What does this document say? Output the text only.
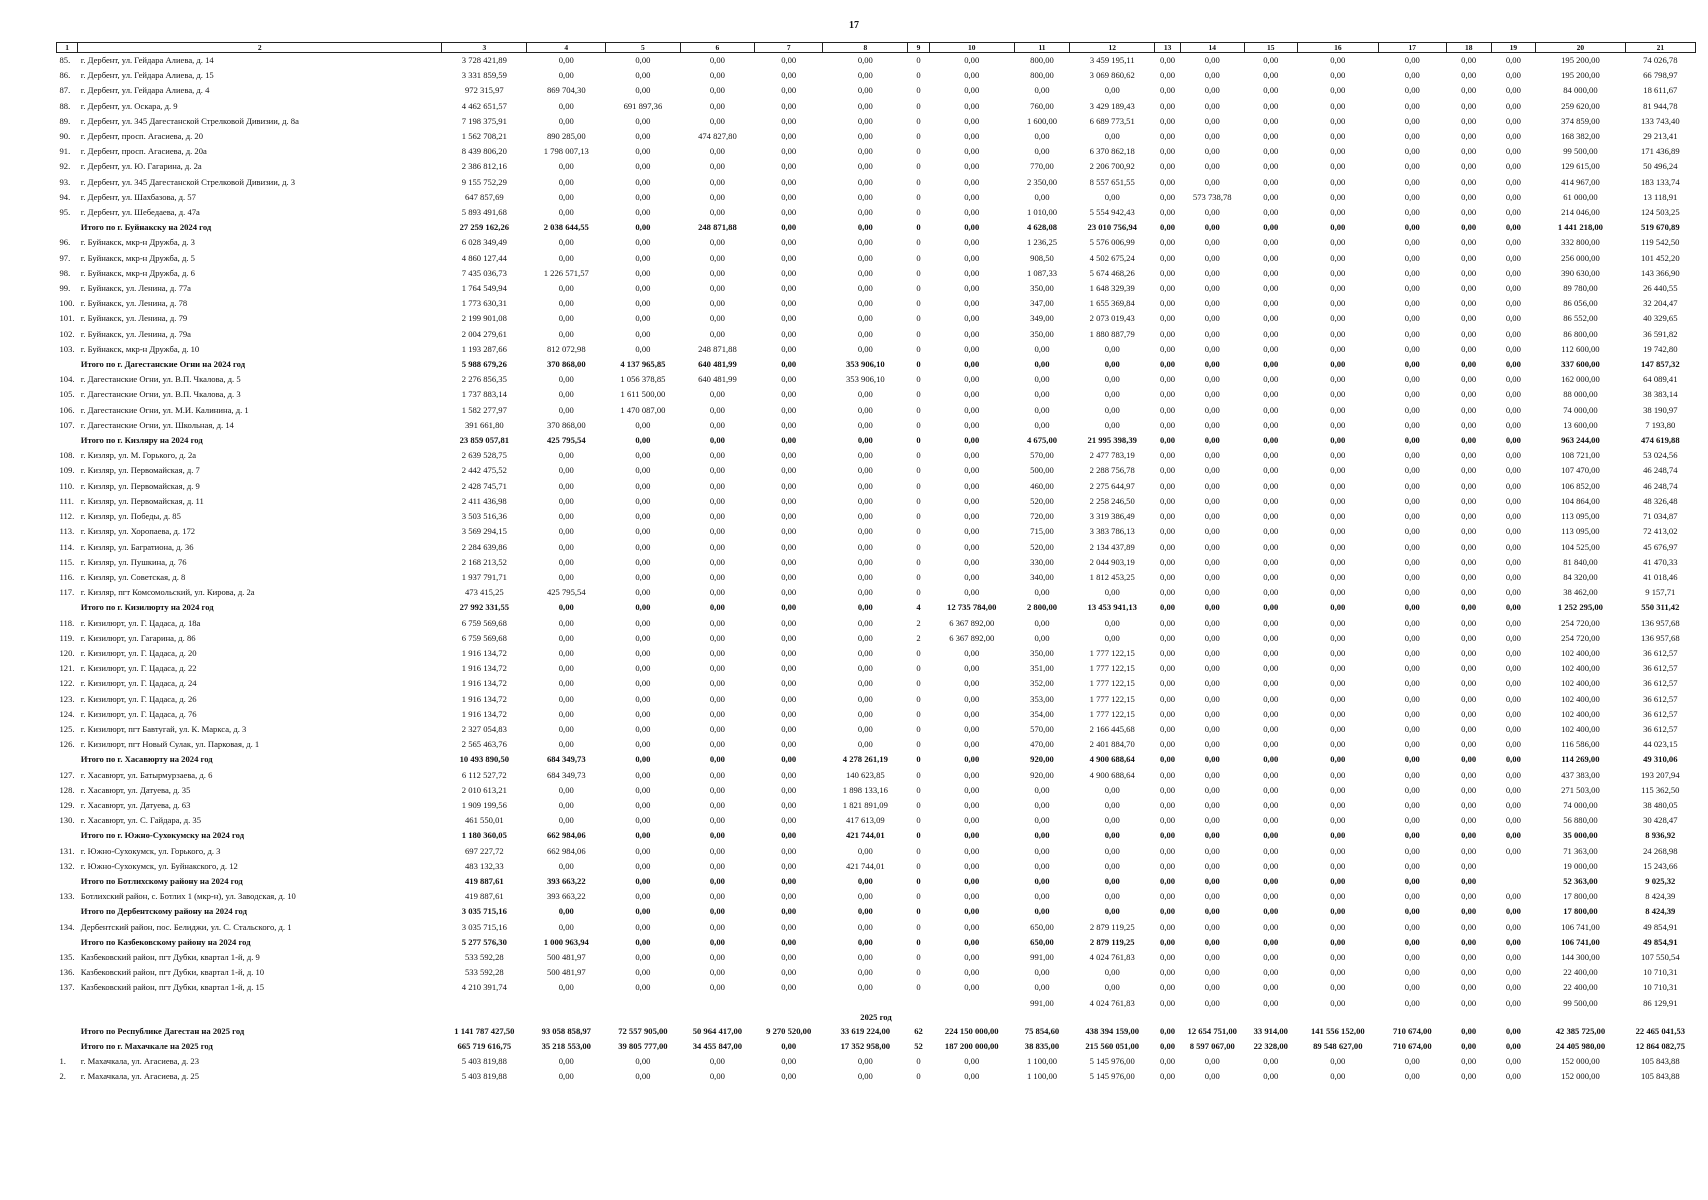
17
1	2	3	4	5	6	7	8	9	10	11	12	13	14	15	16	17	18	19	20	21
85.	г. Дербент, ул. Гейдара Алиева, д. 14	3 728 421,89	0,00	0,00	0,00	0,00	0,00	0	0,00	800,00	3 459 195,11	0,00	0,00	0,00	0,00	0,00	0,00	0,00	195 200,00	74 026,78
86.	г. Дербент, ул. Гейдара Алиева, д. 15	3 331 859,59	0,00	0,00	0,00	0,00	0,00	0	0,00	800,00	3 069 860,62	0,00	0,00	0,00	0,00	0,00	0,00	0,00	195 200,00	66 798,97
87.	г. Дербент, ул. Гейдара Алиева, д. 4	972 315,97	869 704,30	0,00	0,00	0,00	0,00	0	0,00	0,00	0,00	0,00	0,00	0,00	0,00	0,00	0,00	0,00	84 000,00	18 611,67
88.	г. Дербент, ул. Оскара, д. 9	4 462 651,57	0,00	691 897,36	0,00	0,00	0,00	0	0,00	760,00	3 429 189,43	0,00	0,00	0,00	0,00	0,00	0,00	0,00	259 620,00	81 944,78
89.	г. Дербент, ул. 345 Дагестанской Стрелковой Дивизии, д. 8а	7 198 375,91	0,00	0,00	0,00	0,00	0,00	0	0,00	1 600,00	6 689 773,51	0,00	0,00	0,00	0,00	0,00	0,00	0,00	374 859,00	133 743,40
90.	г. Дербент, просп. Агасиева, д. 20	1 562 708,21	890 285,00	0,00	474 827,80	0,00	0,00	0	0,00	0,00	0,00	0,00	0,00	0,00	0,00	0,00	0,00	0,00	168 382,00	29 213,41
91.	г. Дербент, просп. Агасиева, д. 20а	8 439 806,20	1 798 007,13	0,00	0,00	0,00	0,00	0	0,00	0,00	6 370 862,18	0,00	0,00	0,00	0,00	0,00	0,00	0,00	99 500,00	171 436,89
92.	г. Дербент, ул. Ю. Гагарина, д. 2а	2 386 812,16	0,00	0,00	0,00	0,00	0,00	0	0,00	770,00	2 206 700,92	0,00	0,00	0,00	0,00	0,00	0,00	0,00	129 615,00	50 496,24
93.	г. Дербент, ул. 345 Дагестанской Стрелковой Дивизии, д. 3	9 155 752,29	0,00	0,00	0,00	0,00	0,00	0	0,00	2 350,00	8 557 651,55	0,00	0,00	0,00	0,00	0,00	0,00	0,00	414 967,00	183 133,74
94.	г. Дербент, ул. Шахбазова, д. 57	647 857,69	0,00	0,00	0,00	0,00	0,00	0	0,00	0,00	0,00	0,00	573 738,78	0,00	0,00	0,00	0,00	0,00	61 000,00	13 118,91
95.	г. Дербент, ул. Шебедаева, д. 47а	5 893 491,68	0,00	0,00	0,00	0,00	0,00	0	0,00	1 010,00	5 554 942,43	0,00	0,00	0,00	0,00	0,00	0,00	0,00	214 046,00	124 503,25
	Итого по г. Буйнакску на 2024 год	27 259 162,26	2 038 644,55	0,00	248 871,88	0,00	0,00	0	0,00	4 628,08	23 010 756,94	0,00	0,00	0,00	0,00	0,00	0,00	0,00	1 441 218,00	519 670,89
96.	г. Буйнакск, мкр-н Дружба, д. 3	6 028 349,49	0,00	0,00	0,00	0,00	0,00	0	0,00	1 236,25	5 576 006,99	0,00	0,00	0,00	0,00	0,00	0,00	0,00	332 800,00	119 542,50
97.	г. Буйнакск, мкр-н Дружба, д. 5	4 860 127,44	0,00	0,00	0,00	0,00	0,00	0	0,00	908,50	4 502 675,24	0,00	0,00	0,00	0,00	0,00	0,00	0,00	256 000,00	101 452,20
98.	г. Буйнакск, мкр-н Дружба, д. 6	7 435 036,73	1 226 571,57	0,00	0,00	0,00	0,00	0	0,00	1 087,33	5 674 468,26	0,00	0,00	0,00	0,00	0,00	0,00	0,00	390 630,00	143 366,90
99.	г. Буйнакск, ул. Ленина, д. 77а	1 764 549,94	0,00	0,00	0,00	0,00	0,00	0	0,00	350,00	1 648 329,39	0,00	0,00	0,00	0,00	0,00	0,00	0,00	89 780,00	26 440,55
100.	г. Буйнакск, ул. Ленина, д. 78	1 773 630,31	0,00	0,00	0,00	0,00	0,00	0	0,00	347,00	1 655 369,84	0,00	0,00	0,00	0,00	0,00	0,00	0,00	86 056,00	32 204,47
101.	г. Буйнакск, ул. Ленина, д. 79	2 199 901,08	0,00	0,00	0,00	0,00	0,00	0	0,00	349,00	2 073 019,43	0,00	0,00	0,00	0,00	0,00	0,00	0,00	86 552,00	40 329,65
102.	г. Буйнакск, ул. Ленина, д. 79а	2 004 279,61	0,00	0,00	0,00	0,00	0,00	0	0,00	350,00	1 880 887,79	0,00	0,00	0,00	0,00	0,00	0,00	0,00	86 800,00	36 591,82
103.	г. Буйнакск, мкр-н Дружба, д. 10	1 193 287,66	812 072,98	0,00	248 871,88	0,00	0,00	0	0,00	0,00	0,00	0,00	0,00	0,00	0,00	0,00	0,00	0,00	112 600,00	19 742,80
	Итого по г. Дагестанские Огни на 2024 год	5 988 679,26	370 868,00	4 137 965,85	640 481,99	0,00	353 906,10	0	0,00	0,00	0,00	0,00	0,00	0,00	0,00	0,00	0,00	0,00	337 600,00	147 857,32
104.	г. Дагестанские Огни, ул. В.П. Чкалова, д. 5	2 276 856,35	0,00	1 056 378,85	640 481,99	0,00	353 906,10	0	0,00	0,00	0,00	0,00	0,00	0,00	0,00	0,00	0,00	0,00	162 000,00	64 089,41
105.	г. Дагестанские Огни, ул. В.П. Чкалова, д. 3	1 737 883,14	0,00	1 611 500,00	0,00	0,00	0,00	0	0,00	0,00	0,00	0,00	0,00	0,00	0,00	0,00	0,00	0,00	88 000,00	38 383,14
106.	г. Дагестанские Огни, ул. М.И. Калинина, д. 1	1 582 277,97	0,00	1 470 087,00	0,00	0,00	0,00	0	0,00	0,00	0,00	0,00	0,00	0,00	0,00	0,00	0,00	0,00	74 000,00	38 190,97
107.	г. Дагестанские Огни, ул. Школьная, д. 14	391 661,80	370 868,00	0,00	0,00	0,00	0,00	0	0,00	0,00	0,00	0,00	0,00	0,00	0,00	0,00	0,00	0,00	13 600,00	7 193,80
	Итого по г. Кизляру на 2024 год	23 859 057,81	425 795,54	0,00	0,00	0,00	0,00	0	0,00	4 675,00	21 995 398,39	0,00	0,00	0,00	0,00	0,00	0,00	0,00	963 244,00	474 619,88
108.	г. Кизляр, ул. М. Горького, д. 2а	2 639 528,75	0,00	0,00	0,00	0,00	0,00	0	0,00	570,00	2 477 783,19	0,00	0,00	0,00	0,00	0,00	0,00	0,00	108 721,00	53 024,56
109.	г. Кизляр, ул. Первомайская, д. 7	2 442 475,52	0,00	0,00	0,00	0,00	0,00	0	0,00	500,00	2 288 756,78	0,00	0,00	0,00	0,00	0,00	0,00	0,00	107 470,00	46 248,74
110.	г. Кизляр, ул. Первомайская, д. 9	2 428 745,71	0,00	0,00	0,00	0,00	0,00	0	0,00	460,00	2 275 644,97	0,00	0,00	0,00	0,00	0,00	0,00	0,00	106 852,00	46 248,74
111.	г. Кизляр, ул. Первомайская, д. 11	2 411 436,98	0,00	0,00	0,00	0,00	0,00	0	0,00	520,00	2 258 246,50	0,00	0,00	0,00	0,00	0,00	0,00	0,00	104 864,00	48 326,48
112.	г. Кизляр, ул. Победы, д. 85	3 503 516,36	0,00	0,00	0,00	0,00	0,00	0	0,00	720,00	3 319 386,49	0,00	0,00	0,00	0,00	0,00	0,00	0,00	113 095,00	71 034,87
113.	г. Кизляр, ул. Хоропаева, д. 172	3 569 294,15	0,00	0,00	0,00	0,00	0,00	0	0,00	715,00	3 383 786,13	0,00	0,00	0,00	0,00	0,00	0,00	0,00	113 095,00	72 413,02
114.	г. Кизляр, ул. Багратиона, д. 36	2 284 639,86	0,00	0,00	0,00	0,00	0,00	0	0,00	520,00	2 134 437,89	0,00	0,00	0,00	0,00	0,00	0,00	0,00	104 525,00	45 676,97
115.	г. Кизляр, ул. Пушкина, д. 76	2 168 213,52	0,00	0,00	0,00	0,00	0,00	0	0,00	330,00	2 044 903,19	0,00	0,00	0,00	0,00	0,00	0,00	0,00	81 840,00	41 470,33
116.	г. Кизляр, ул. Советская, д. 8	1 937 791,71	0,00	0,00	0,00	0,00	0,00	0	0,00	340,00	1 812 453,25	0,00	0,00	0,00	0,00	0,00	0,00	0,00	84 320,00	41 018,46
117.	г. Кизляр, пгт Комсомольский, ул. Кирова, д. 2а	473 415,25	425 795,54	0,00	0,00	0,00	0,00	0	0,00	0,00	0,00	0,00	0,00	0,00	0,00	0,00	0,00	0,00	38 462,00	9 157,71
	Итого по г. Кизилюрту на 2024 год	27 992 331,55	0,00	0,00	0,00	0,00	0,00	4	12 735 784,00	2 800,00	13 453 941,13	0,00	0,00	0,00	0,00	0,00	0,00	0,00	1 252 295,00	550 311,42
118.	г. Кизилюрт, ул. Г. Цадаса, д. 18а	6 759 569,68	0,00	0,00	0,00	0,00	0,00	2	6 367 892,00	0,00	0,00	0,00	0,00	0,00	0,00	0,00	0,00	0,00	254 720,00	136 957,68
119.	г. Кизилюрт, ул. Гагарина, д. 86	6 759 569,68	0,00	0,00	0,00	0,00	0,00	2	6 367 892,00	0,00	0,00	0,00	0,00	0,00	0,00	0,00	0,00	0,00	254 720,00	136 957,68
120.	г. Кизилюрт, ул. Г. Цадаса, д. 20	1 916 134,72	0,00	0,00	0,00	0,00	0,00	0	0,00	350,00	1 777 122,15	0,00	0,00	0,00	0,00	0,00	0,00	0,00	102 400,00	36 612,57
121.	г. Кизилюрт, ул. Г. Цадаса, д. 22	1 916 134,72	0,00	0,00	0,00	0,00	0,00	0	0,00	351,00	1 777 122,15	0,00	0,00	0,00	0,00	0,00	0,00	0,00	102 400,00	36 612,57
122.	г. Кизилюрт, ул. Г. Цадаса, д. 24	1 916 134,72	0,00	0,00	0,00	0,00	0,00	0	0,00	352,00	1 777 122,15	0,00	0,00	0,00	0,00	0,00	0,00	0,00	102 400,00	36 612,57
123.	г. Кизилюрт, ул. Г. Цадаса, д. 26	1 916 134,72	0,00	0,00	0,00	0,00	0,00	0	0,00	353,00	1 777 122,15	0,00	0,00	0,00	0,00	0,00	0,00	0,00	102 400,00	36 612,57
124.	г. Кизилюрт, ул. Г. Цадаса, д. 76	1 916 134,72	0,00	0,00	0,00	0,00	0,00	0	0,00	354,00	1 777 122,15	0,00	0,00	0,00	0,00	0,00	0,00	0,00	102 400,00	36 612,57
125.	г. Кизилюрт, пгт Бавтугай, ул. К. Маркса, д. 3	2 327 054,83	0,00	0,00	0,00	0,00	0,00	0	0,00	570,00	2 166 445,68	0,00	0,00	0,00	0,00	0,00	0,00	0,00	102 400,00	36 612,57
126.	г. Кизилюрт, пгт Новый Сулак, ул. Парковая, д. 1	2 565 463,76	0,00	0,00	0,00	0,00	0,00	0	0,00	470,00	2 401 884,70	0,00	0,00	0,00	0,00	0,00	0,00	0,00	116 586,00	44 023,15
	Итого по г. Хасавюрту на 2024 год	10 493 890,50	684 349,73	0,00	0,00	0,00	4 278 261,19	0	0,00	920,00	4 900 688,64	0,00	0,00	0,00	0,00	0,00	0,00	0,00	114 269,00	49 310,06
127.	г. Хасавюрт, ул. Батырмурзаева, д. 6	6 112 527,72	684 349,73	0,00	0,00	0,00	140 623,85	0	0,00	920,00	4 900 688,64	0,00	0,00	0,00	0,00	0,00	0,00	0,00	437 383,00	193 207,94
128.	г. Хасавюрт, ул. Датуева, д. 35	2 010 613,21	0,00	0,00	0,00	0,00	1 898 133,16	0	0,00	0,00	0,00	0,00	0,00	0,00	0,00	0,00	0,00	0,00	271 503,00	115 362,50
129.	г. Хасавюрт, ул. Датуева, д. 63	1 909 199,56	0,00	0,00	0,00	0,00	1 821 891,09	0	0,00	0,00	0,00	0,00	0,00	0,00	0,00	0,00	0,00	0,00	74 000,00	38 480,05
130.	г. Хасавюрт, ул. С. Гайдара, д. 35	461 550,01	0,00	0,00	0,00	0,00	417 613,09	0	0,00	0,00	0,00	0,00	0,00	0,00	0,00	0,00	0,00	0,00	56 880,00	30 428,47
	Итого по г. Южно-Сухокумску на 2024 год	1 180 360,05	662 984,06	0,00	0,00	0,00	421 744,01	0	0,00	0,00	0,00	0,00	0,00	0,00	0,00	0,00	0,00	0,00	35 000,00	8 936,92
131.	г. Южно-Сухокумск, ул. Горького, д. 3	697 227,72	662 984,06	0,00	0,00	0,00	0,00	0	0,00	0,00	0,00	0,00	0,00	0,00	0,00	0,00	0,00	0,00	71 363,00	24 268,98
132.	г. Южно-Сухокумск, ул. Буйнакского, д. 12	483 132,33	0,00	0,00	0,00	0,00	421 744,01	0	0,00	0,00	0,00	0,00	0,00	0,00	0,00	0,00	0,00		19 000,00	15 243,66
	Итого по Ботлихскому району на 2024 год	419 887,61	393 663,22	0,00	0,00	0,00	0,00	0	0,00	0,00	0,00	0,00	0,00	0,00	0,00	0,00	0,00		52 363,00	9 025,32
133.	Ботлихский район, с. Ботлих 1 (мкр-н), ул. Заводская, д. 10	419 887,61	393 663,22	0,00	0,00	0,00	0,00	0	0,00	0,00	0,00	0,00	0,00	0,00	0,00	0,00	0,00	0,00	17 800,00	8 424,39
	Итого по Дербентскому району на 2024 год	3 035 715,16	0,00	0,00	0,00	0,00	0,00	0	0,00	0,00	0,00	0,00	0,00	0,00	0,00	0,00	0,00	0,00	17 800,00	8 424,39
134.	Дербентский район, пос. Белиджи, ул. С. Стальского, д. 1	3 035 715,16	0,00	0,00	0,00	0,00	0,00	0	0,00	650,00	2 879 119,25	0,00	0,00	0,00	0,00	0,00	0,00	0,00	106 741,00	49 854,91
	Итого по Казбековскому району на 2024 год	5 277 576,30	1 000 963,94	0,00	0,00	0,00	0,00	0	0,00	650,00	2 879 119,25	0,00	0,00	0,00	0,00	0,00	0,00	0,00	106 741,00	49 854,91
135.	Казбековский район, пгт Дубки, квартал 1-й, д. 9	533 592,28	500 481,97	0,00	0,00	0,00	0,00	0	0,00	991,00	4 024 761,83	0,00	0,00	0,00	0,00	0,00	0,00	0,00	144 300,00	107 550,54
136.	Казбековский район, пгт Дубки, квартал 1-й, д. 10	533 592,28	500 481,97	0,00	0,00	0,00	0,00	0	0,00	0,00	0,00	0,00	0,00	0,00	0,00	0,00	0,00	0,00	22 400,00	10 710,31
137.	Казбековский район, пгт Дубки, квартал 1-й, д. 15	4 210 391,74	0,00	0,00	0,00	0,00	0,00	0	0,00	0,00	0,00	0,00	0,00	0,00	0,00	0,00	0,00	0,00	22 400,00	10 710,31
										991,00	4 024 761,83	0,00	0,00	0,00	0,00	0,00	0,00	0,00	99 500,00	86 129,91
2025 год																				
	Итого по Республике Дагестан на 2025 год	1 141 787 427,50	93 058 858,97	72 557 905,00	50 964 417,00	9 270 520,00	33 619 224,00	62	224 150 000,00	75 854,60	438 394 159,00	0,00	12 654 751,00	33 914,00	141 556 152,00	710 674,00	0,00	0,00	42 385 725,00	22 465 041,53
	Итого по г. Махачкале на 2025 год	665 719 616,75	35 218 553,00	39 805 777,00	34 455 847,00	0,00	17 352 958,00	52	187 200 000,00	38 835,00	215 560 051,00	0,00	8 597 067,00	22 328,00	89 548 627,00	710 674,00	0,00	0,00	24 405 980,00	12 864 082,75
1.	г. Махачкала, ул. Агасиева, д. 23	5 403 819,88	0,00	0,00	0,00	0,00	0,00	0	0,00	1 100,00	5 145 976,00	0,00	0,00	0,00	0,00	0,00	0,00	0,00	152 000,00	105 843,88
2.	г. Махачкала, ул. Агасиева, д. 25	5 403 819,88	0,00	0,00	0,00	0,00	0,00	0	0,00	1 100,00	5 145 976,00	0,00	0,00	0,00	0,00	0,00	0,00	0,00	152 000,00	105 843,88
